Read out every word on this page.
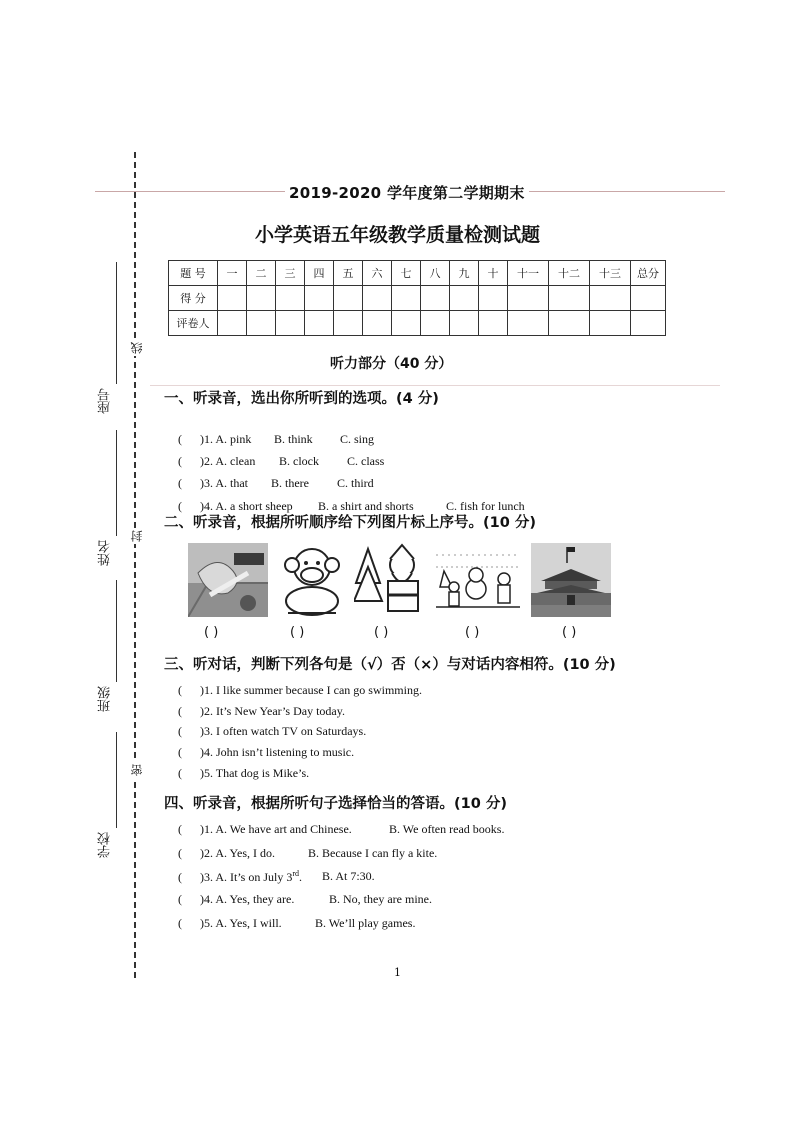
线
封
密
座号
姓名
班级
学校
2019-2020 学年度第二学期期末
小学英语五年级教学质量检测试题
题 号	一	二	三	四	五	六	七	八	九	十	十一	十二	十三	总分
得 分														
评卷人														
听力部分（40 分）
一、听录音，选出你所听到的选项。(4 分)

( )1. A. pink B. think C. sing

( )2. A. clean B. clock C. class

( )3. A. that B. there C. third

( )4. A. a short sheep B. a shirt and shorts	C. fish for lunch

二、听录音，根据所听顺序给下列图片标上序号。(10 分)
( )	( )	( )	( )	( )
三、听对话，判断下列各句是（√）否（×）与对话内容相符。(10 分)
( )1. I like summer because I can go swimming.
( )2. It’s New Year’s Day today.
( )3. I often watch TV on Saturdays.
( )4. John isn’t listening to music.
( )5. That dog is Mike’s.
四、听录音，根据所听句子选择恰当的答语。(10 分)
( )1. A. We have art and Chinese.	B. We often read books.
( )2. A. Yes, I do.	B. Because I can fly a kite.
( )3. A. It’s on July 3rd. B. At 7:30.
( )4. A. Yes, they are.	B. No, they are mine.
( )5. A. Yes, I will.	B. We’ll play games.
1
